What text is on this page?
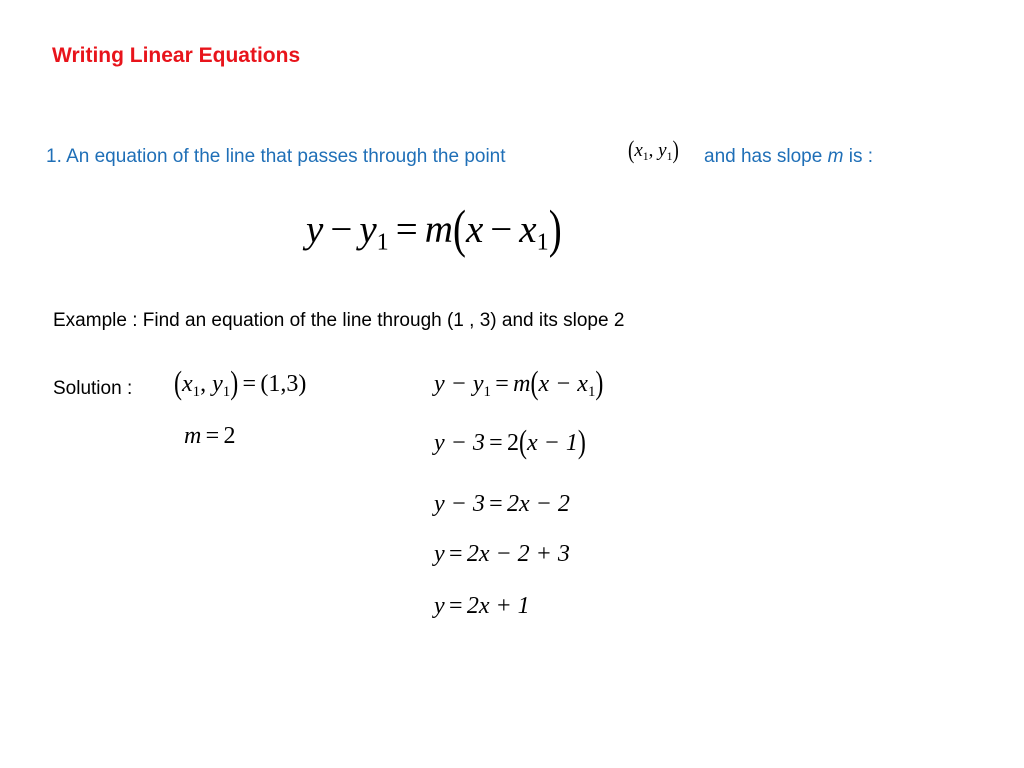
Writing Linear Equations
1. An equation of the line that passes through the point	($x_1$, $y_1$) and has slope m is :
$y - y_1 = m(x - x_1)$
Example : Find an equation of the line through (1 , 3) and its slope 2
Solution : ($x_1$, $y_1) = (1,3)$
m = 2
$y - y_1 = m(x - x_1)$
y − 3 = 2(x − 1)
y − 3 = 2x − 2
y = 2x − 2 + 3
y = 2x + 1
